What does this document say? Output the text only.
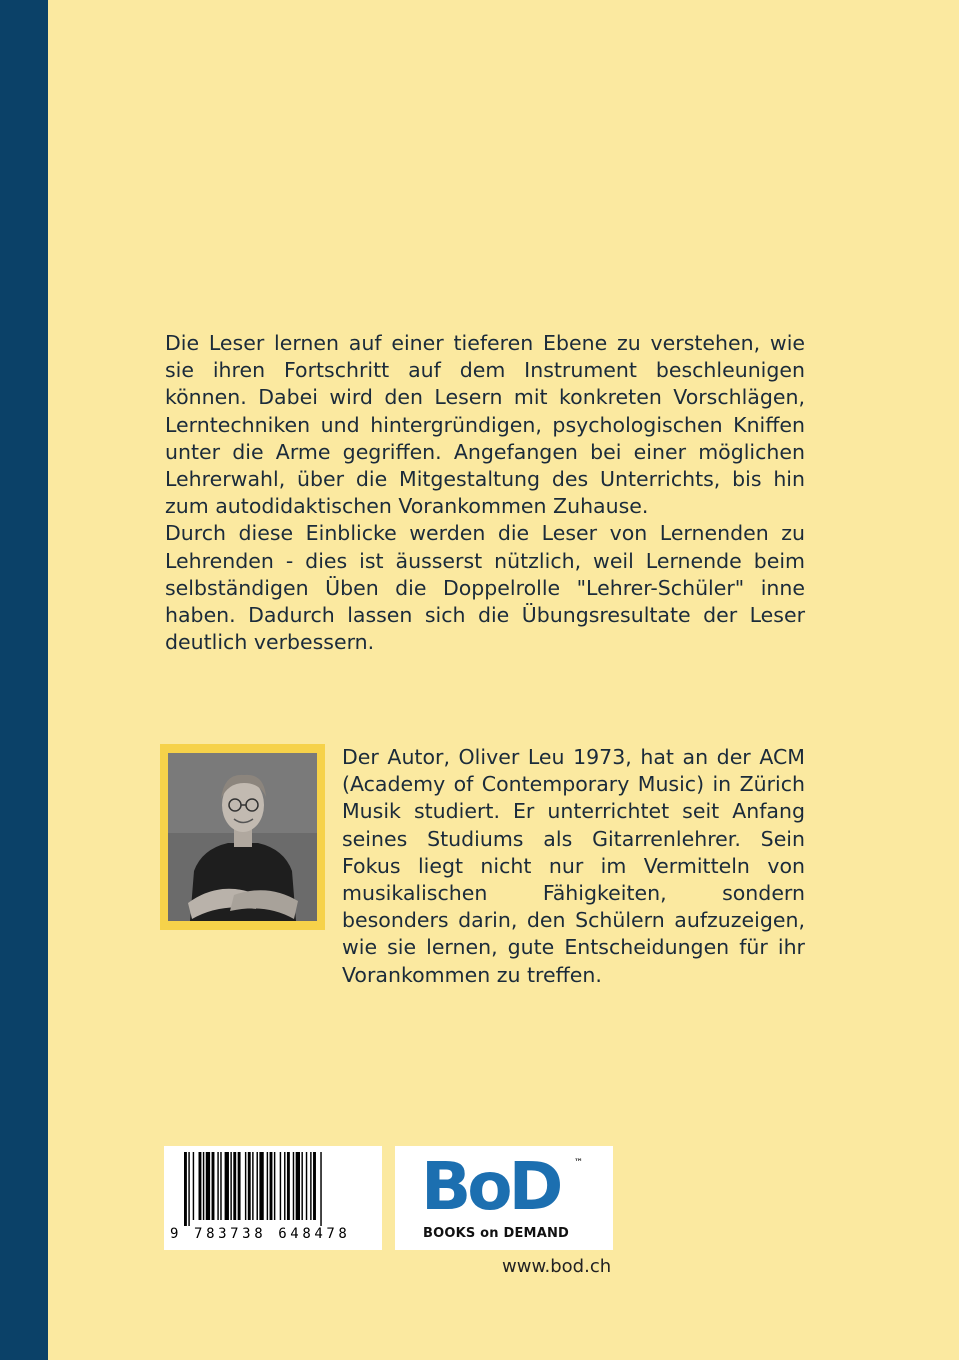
Die Leser lernen auf einer tieferen Ebene zu verstehen, wie sie ihren Fortschritt auf dem Instrument beschleunigen können. Dabei wird den Lesern mit konkreten Vorschlägen, Lerntechniken und hintergründigen, psychologischen Kniffen unter die Arme gegriffen. Angefangen bei einer möglichen Lehrerwahl, über die Mitgestaltung des Unterrichts, bis hin zum autodidaktischen Vorankommen Zuhause.

Durch diese Einblicke werden die Leser von Lernenden zu Lehrenden - dies ist äusserst nützlich, weil Lernende beim selbständigen Üben die Doppelrolle "Lehrer-Schüler" inne haben. Dadurch lassen sich die Übungsresultate der Leser deutlich verbessern.

Der Autor, Oliver Leu 1973, hat an der ACM (Academy of Contemporary Music) in Zürich Musik studiert. Er unterrichtet seit Anfang seines Studiums als Gitarrenlehrer. Sein Fokus liegt nicht nur im Vermitteln von musikalischen Fähigkeiten, sondern besonders darin, den Schülern aufzuzeigen, wie sie lernen, gute Entscheidungen für ihr Vorankommen zu treffen.

9 783738 648478
BoD ™
BOOKS on DEMAND
www.bod.ch
